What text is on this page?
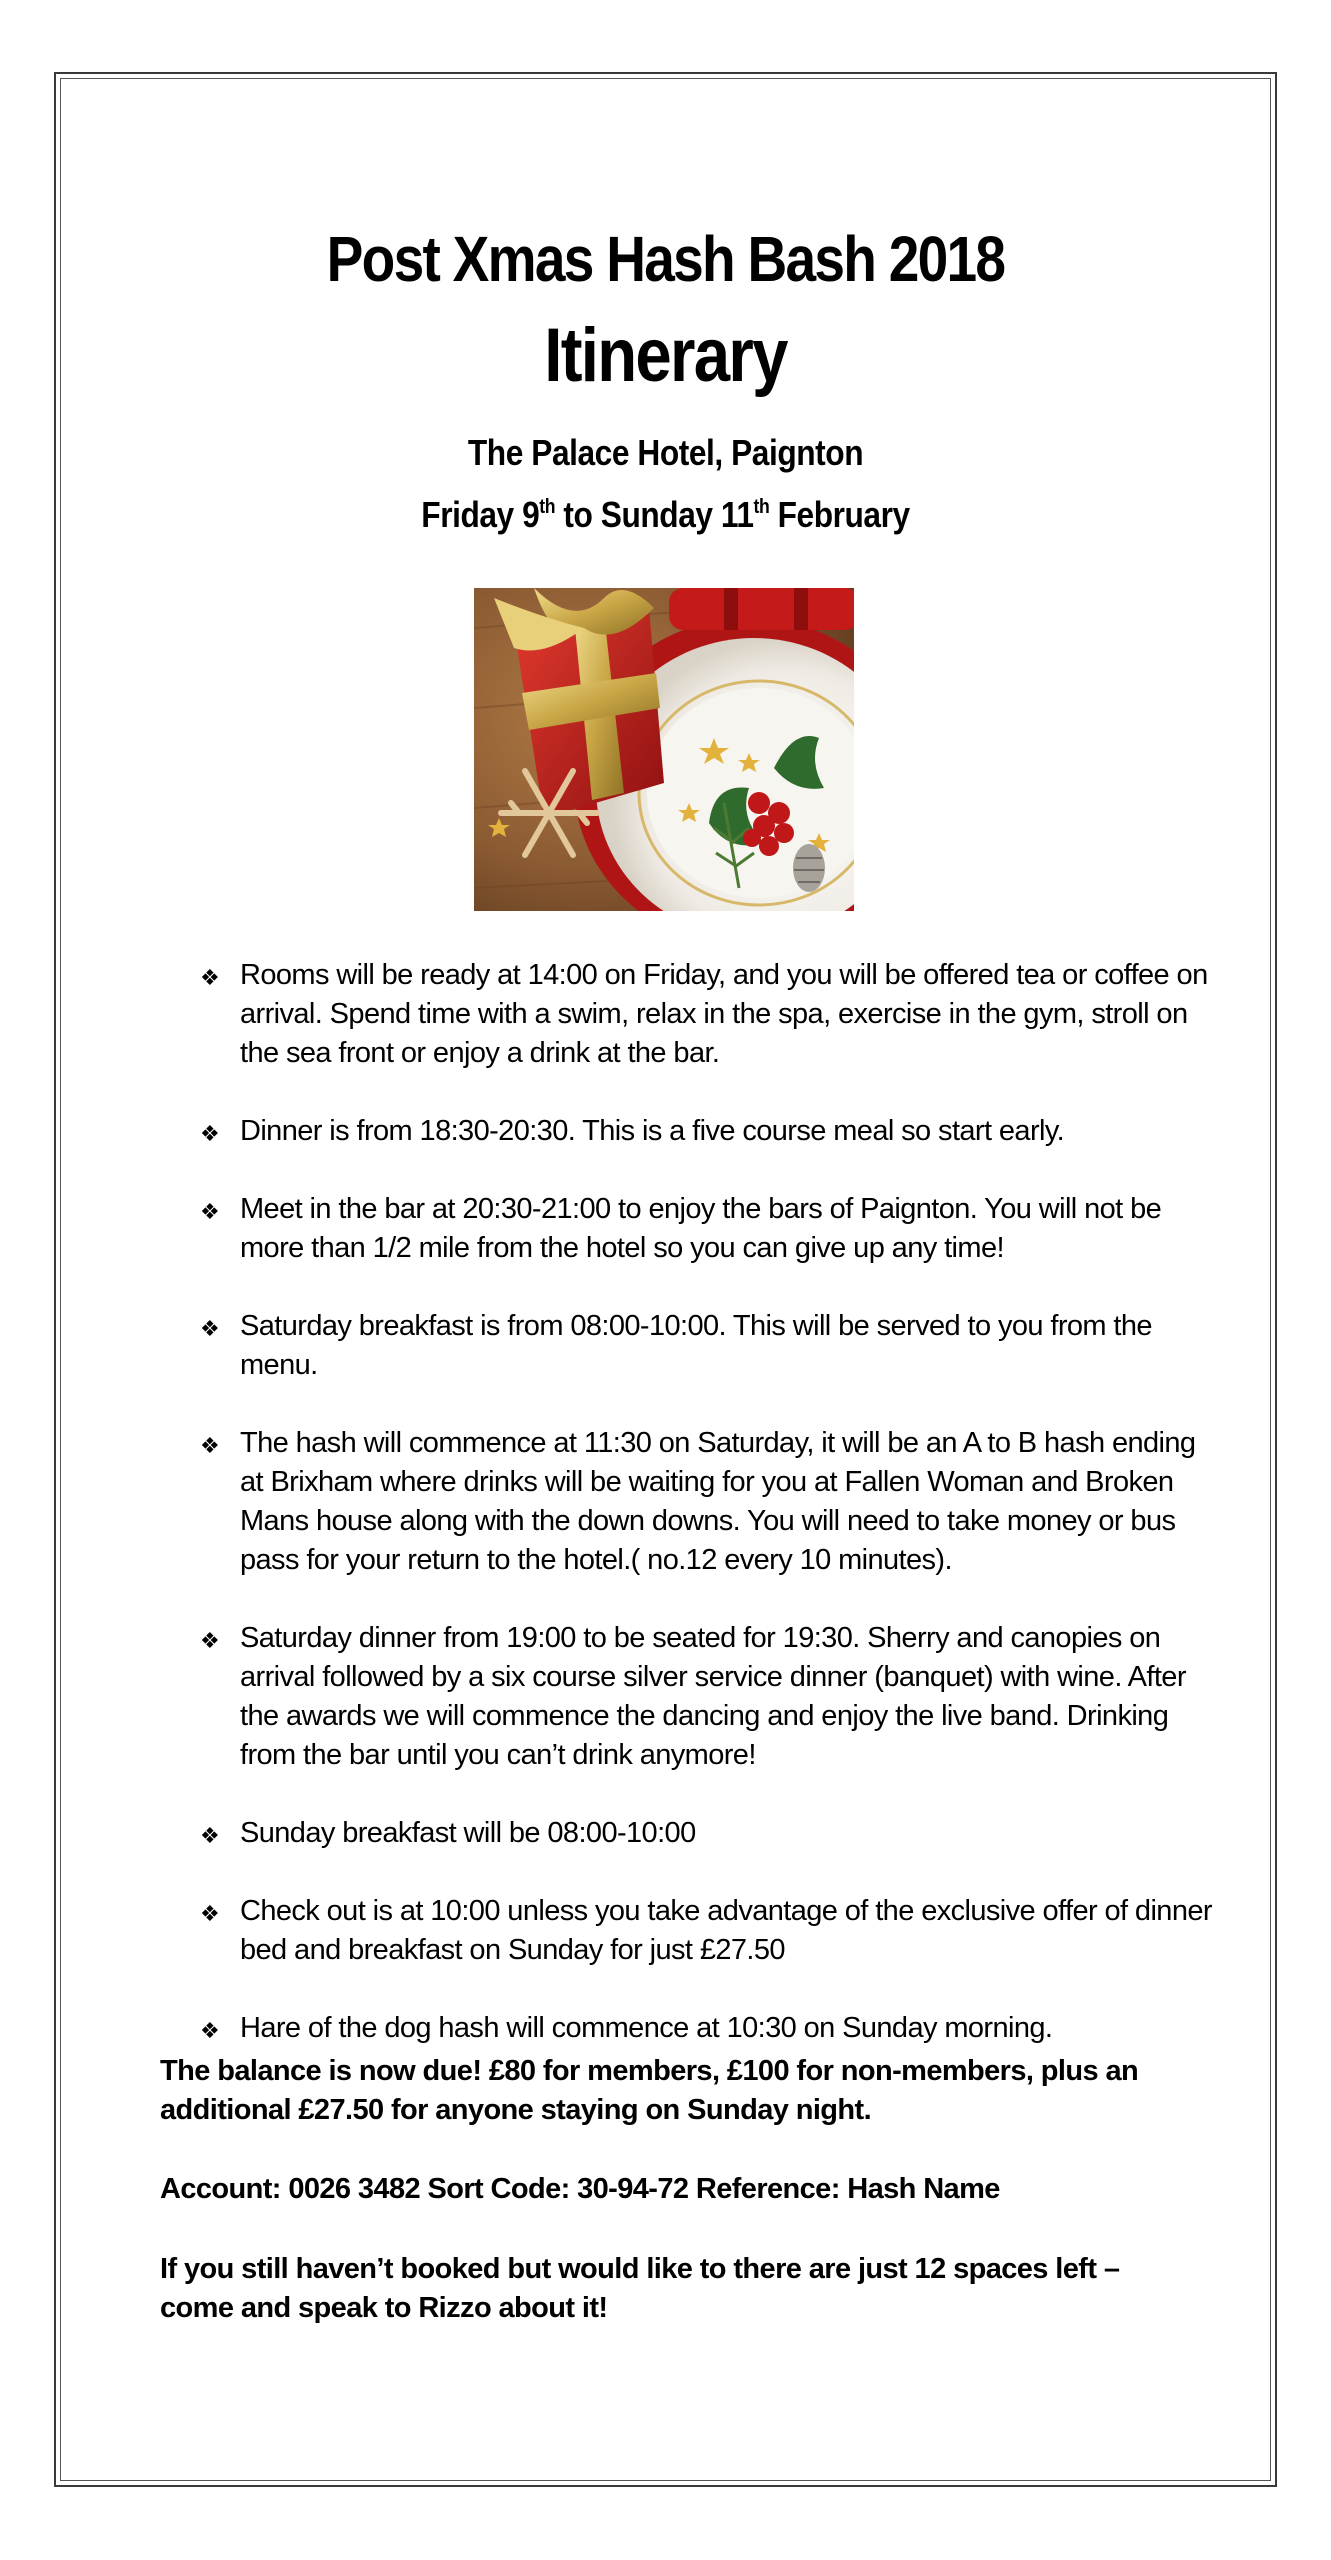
Post Xmas Hash Bash 2018
Itinerary
The Palace Hotel, Paignton
Friday 9th to Sunday 11th February
❖ Rooms will be ready at 14:00 on Friday, and you will be offered tea or coffee on arrival. Spend time with a swim, relax in the spa, exercise in the gym, stroll on the sea front or enjoy a drink at the bar.
❖ Dinner is from 18:30-20:30. This is a five course meal so start early.
❖ Meet in the bar at 20:30-21:00 to enjoy the bars of Paignton. You will not be more than 1/2 mile from the hotel so you can give up any time!
❖ Saturday breakfast is from 08:00-10:00. This will be served to you from the menu.
❖ The hash will commence at 11:30 on Saturday, it will be an A to B hash ending at Brixham where drinks will be waiting for you at Fallen Woman and Broken Mans house along with the down downs. You will need to take money or bus pass for your return to the hotel.( no.12 every 10 minutes).
❖ Saturday dinner from 19:00 to be seated for 19:30. Sherry and canopies on arrival followed by a six course silver service dinner (banquet) with wine. After the awards we will commence the dancing and enjoy the live band. Drinking from the bar until you can’t drink anymore!
❖ Sunday breakfast will be 08:00-10:00
❖ Check out is at 10:00 unless you take advantage of the exclusive offer of dinner bed and breakfast on Sunday for just £27.50
❖ Hare of the dog hash will commence at 10:30 on Sunday morning.

The balance is now due! £80 for members, £100 for non-members, plus an additional £27.50 for anyone staying on Sunday night.

Account: 0026 3482 Sort Code: 30-94-72 Reference: Hash Name

If you still haven’t booked but would like to there are just 12 spaces left – come and speak to Rizzo about it!
